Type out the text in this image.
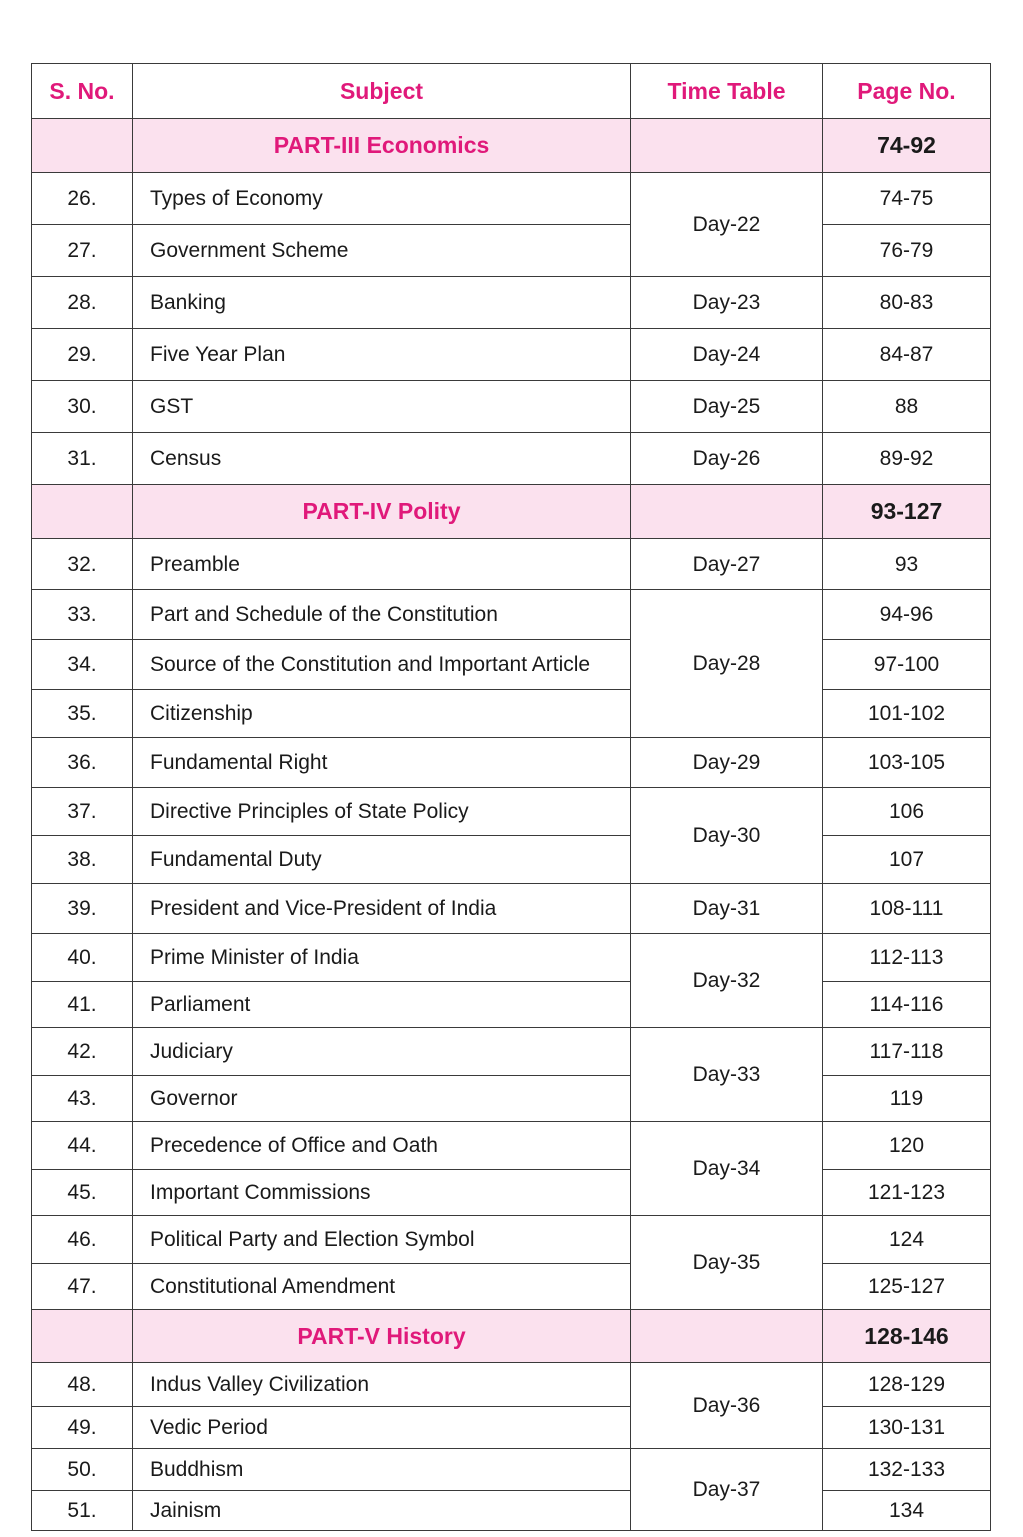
S. No.	Subject	Time Table	Page No.
	PART-III Economics		74-92
26.	Types of Economy	Day-22	74-75
27.	Government Scheme		76-79
28.	Banking	Day-23	80-83
29.	Five Year Plan	Day-24	84-87
30.	GST	Day-25	88
31.	Census	Day-26	89-92
	PART-IV Polity		93-127
32.	Preamble	Day-27	93
33.	Part and Schedule of the Constitution	Day-28	94-96
34.	Source of the Constitution and Important Article		97-100
35.	Citizenship		101-102
36.	Fundamental Right	Day-29	103-105
37.	Directive Principles of State Policy	Day-30	106
38.	Fundamental Duty		107
39.	President and Vice-President of India	Day-31	108-111
40.	Prime Minister of India	Day-32	112-113
41.	Parliament		114-116
42.	Judiciary	Day-33	117-118
43.	Governor		119
44.	Precedence of Office and Oath	Day-34	120
45.	Important Commissions		121-123
46.	Political Party and Election Symbol	Day-35	124
47.	Constitutional Amendment		125-127
	PART-V History		128-146
48.	Indus Valley Civilization	Day-36	128-129
49.	Vedic Period		130-131
50.	Buddhism	Day-37	132-133
51.	Jainism		134
